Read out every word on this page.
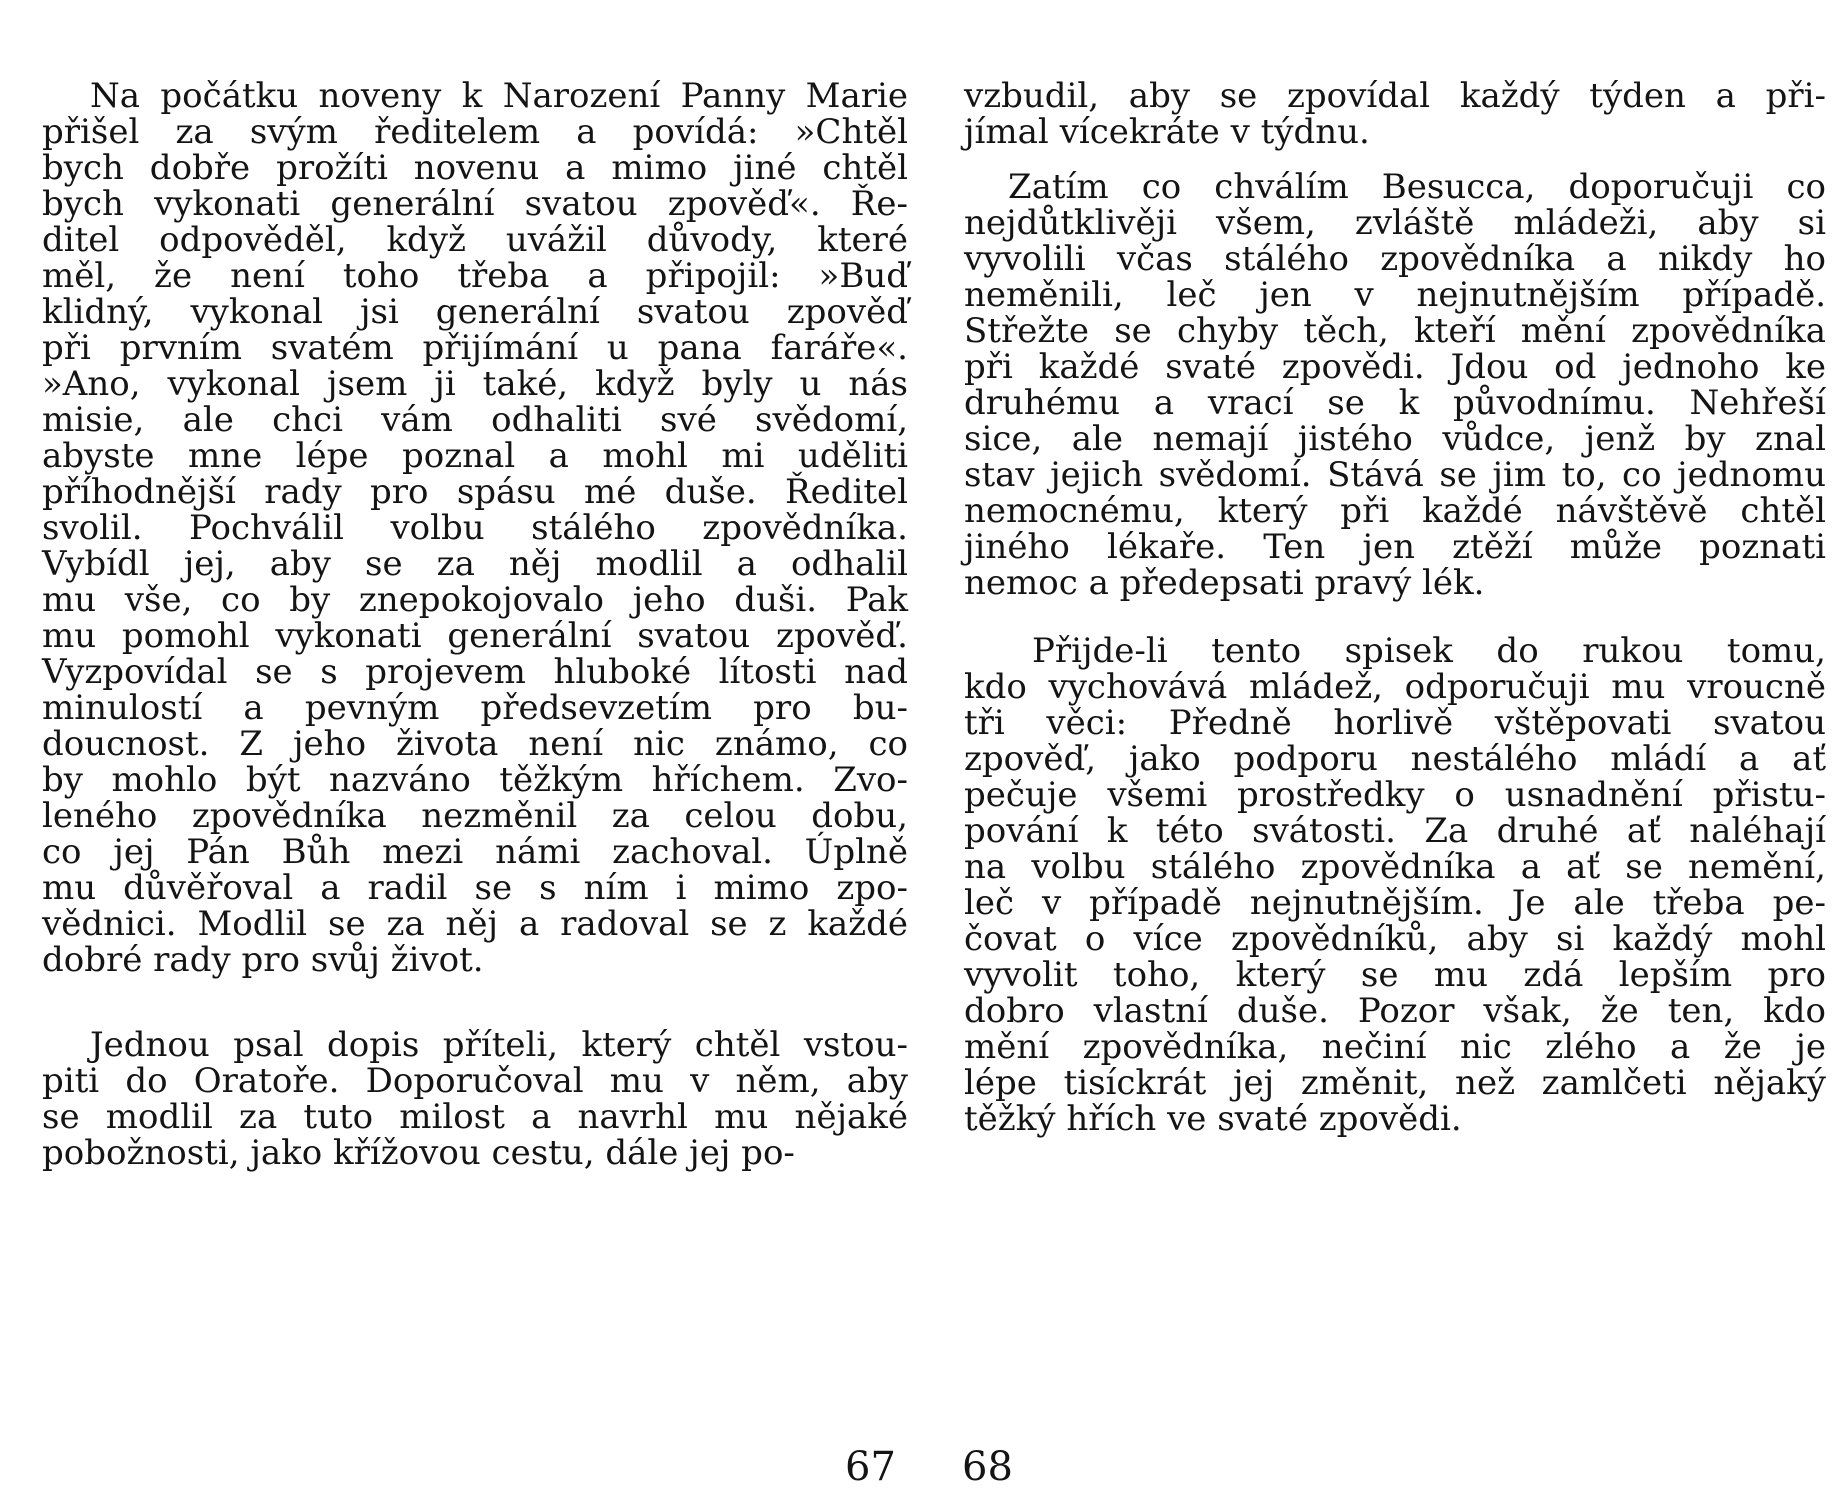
Na počátku noveny k Narození Panny Marie
přišel za svým ředitelem a povídá: »Chtěl
bych dobře prožíti novenu a mimo jiné chtěl
bych vykonati generální svatou zpověď«. Ře-
ditel odpověděl, když uvážil důvody, které
měl, že není toho třeba a připojil: »Buď
klidný, vykonal jsi generální svatou zpověď
při prvním svatém přijímání u pana faráře«.
»Ano, vykonal jsem ji také, když byly u nás
misie, ale chci vám odhaliti své svědomí,
abyste mne lépe poznal a mohl mi uděliti
příhodnější rady pro spásu mé duše. Ředitel
svolil. Pochválil volbu stálého zpovědníka.
Vybídl jej, aby se za něj modlil a odhalil
mu vše, co by znepokojovalo jeho duši. Pak
mu pomohl vykonati generální svatou zpověď.
Vyzpovídal se s projevem hluboké lítosti nad
minulostí a pevným předsevzetím pro bu-
doucnost. Z jeho života není nic známo, co
by mohlo být nazváno těžkým hříchem. Zvo-
leného zpovědníka nezměnil za celou dobu,
co jej Pán Bůh mezi námi zachoval. Úplně
mu důvěřoval a radil se s ním i mimo zpo-
vědnici. Modlil se za něj a radoval se z každé
dobré rady pro svůj život.
Jednou psal dopis příteli, který chtěl vstou-
piti do Oratoře. Doporučoval mu v něm, aby
se modlil za tuto milost a navrhl mu nějaké
pobožnosti, jako křížovou cestu, dále jej po-
67
vzbudil, aby se zpovídal každý týden a při-
jímal vícekráte v týdnu.
Zatím co chválím Besucca, doporučuji co
nejdůtklivěji všem, zvláště mládeži, aby si
vyvolili včas stálého zpovědníka a nikdy ho
neměnili, leč jen v nejnutnějším případě.
Střežte se chyby těch, kteří mění zpovědníka
při každé svaté zpovědi. Jdou od jednoho ke
druhému a vrací se k původnímu. Nehřeší
sice, ale nemají jistého vůdce, jenž by znal
stav jejich svědomí. Stává se jim to, co jednomu
nemocnému, který při každé návštěvě chtěl
jiného lékaře. Ten jen ztěží může poznati
nemoc a předepsati pravý lék.
Přijde-li tento spisek do rukou tomu,
kdo vychovává mládež, odporučuji mu vroucně
tři věci: Předně horlivě vštěpovati svatou
zpověď, jako podporu nestálého mládí a ať
pečuje všemi prostředky o usnadnění přistu-
pování k této svátosti. Za druhé ať naléhají
na volbu stálého zpovědníka a ať se nemění,
leč v případě nejnutnějším. Je ale třeba pe-
čovat o více zpovědníků, aby si každý mohl
vyvolit toho, který se mu zdá lepším pro
dobro vlastní duše. Pozor však, že ten, kdo
mění zpovědníka, nečiní nic zlého a že je
lépe tisíckrát jej změnit, než zamlčeti nějaký
těžký hřích ve svaté zpovědi.
68
